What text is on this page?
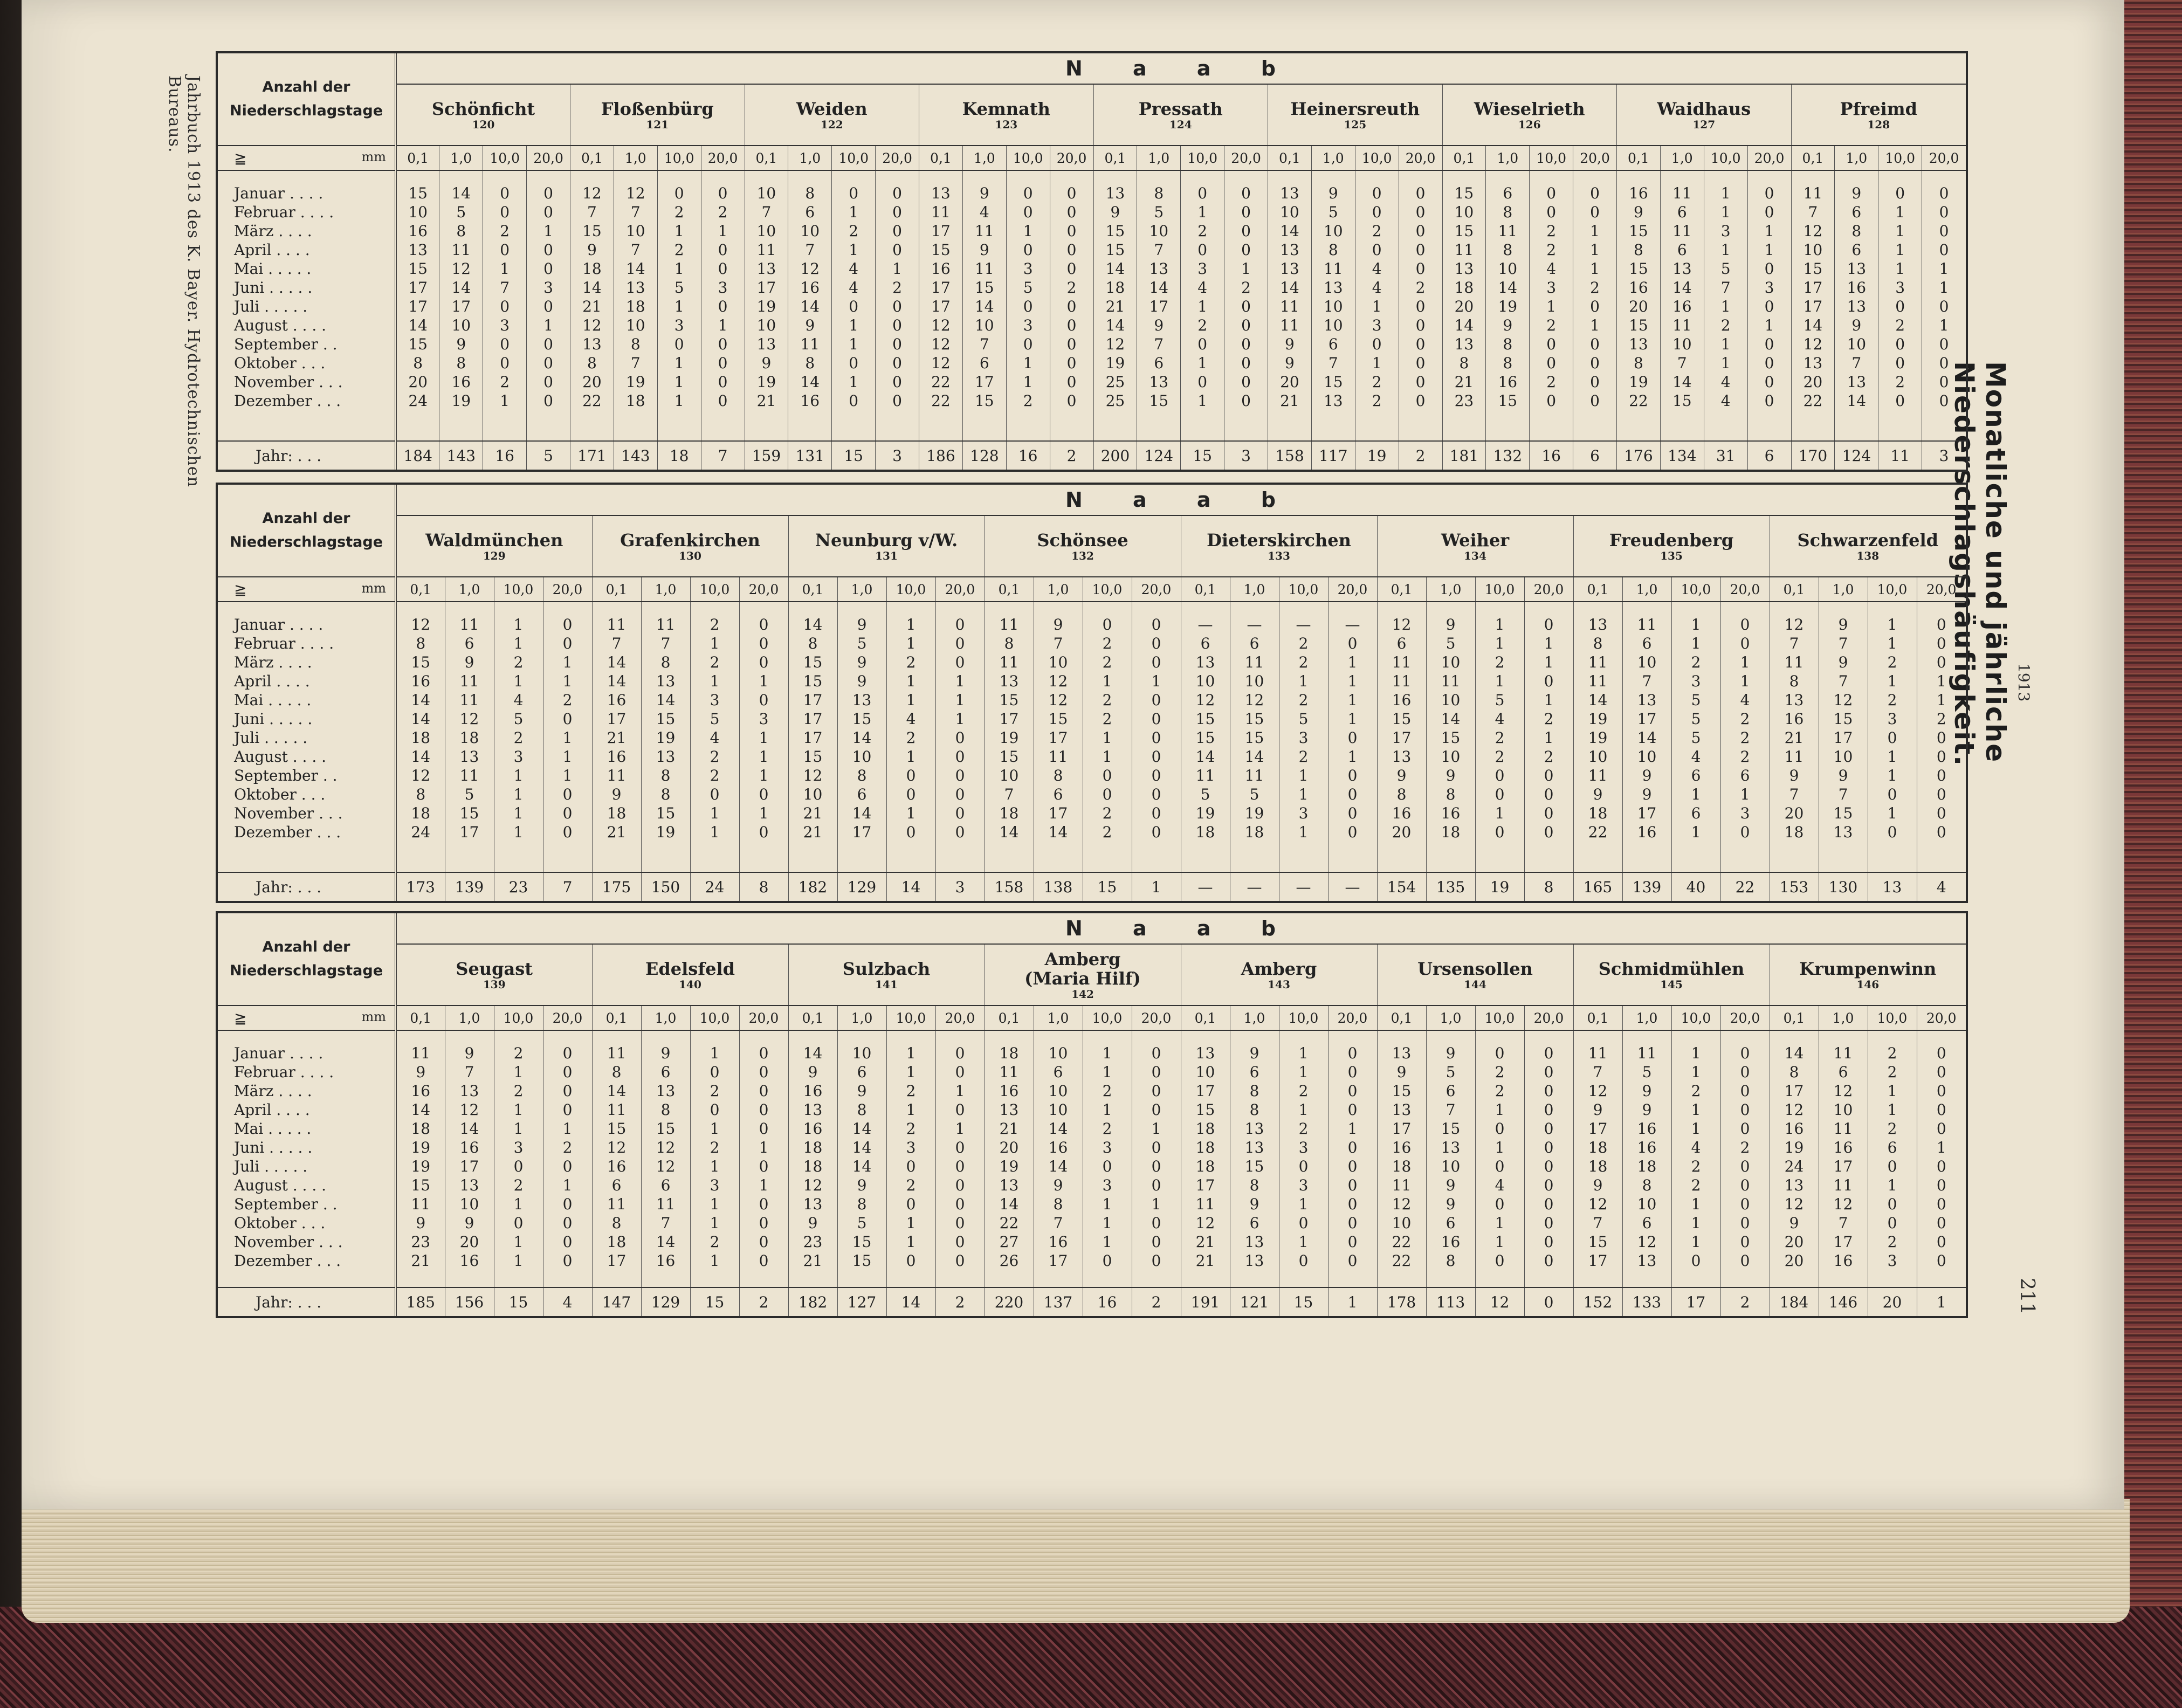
Jahrbuch 1913 des K. Bayer. Hydrotechnischen Bureaus.
Monatliche und jährliche Niederschlagshäufigkeit.	1913
211
Anzahl der Niederschlagstage	N a a b																																			
	Schönficht
120				Floßenbürg
121				Weiden
122				Kemnath
123				Pressath
124				Heinersreuth
125				Wieselrieth
126				Waidhaus
127				Pfreimd
128			

mm
≧	0,1	1,0	10,0	20,0	0,1	1,0	10,0	20,0	0,1	1,0	10,0	20,0	0,1	1,0	10,0	20,0	0,1	1,0	10,0	20,0	0,1	1,0	10,0	20,0	0,1	1,0	10,0	20,0	0,1	1,0	10,0	20,0	0,1	1,0	10,0	20,0

Januar . . . .	15	14	0	0	12	12	0	0	10	8	0	0	13	9	0	0	13	8	0	0	13	9	0	0	15	6	0	0	16	11	1	0	11	9	0	0
Februar . . . .	10	5	0	0	7	7	2	2	7	6	1	0	11	4	0	0	9	5	1	0	10	5	0	0	10	8	0	0	9	6	1	0	7	6	1	0
März . . . .	16	8	2	1	15	10	1	1	10	10	2	0	17	11	1	0	15	10	2	0	14	10	2	0	15	11	2	1	15	11	3	1	12	8	1	0
April . . . .	13	11	0	0	9	7	2	0	11	7	1	0	15	9	0	0	15	7	0	0	13	8	0	0	11	8	2	1	8	6	1	1	10	6	1	0
Mai . . . . .	15	12	1	0	18	14	1	0	13	12	4	1	16	11	3	0	14	13	3	1	13	11	4	0	13	10	4	1	15	13	5	0	15	13	1	1
Juni . . . . .	17	14	7	3	14	13	5	3	17	16	4	2	17	15	5	2	18	14	4	2	14	13	4	2	18	14	3	2	16	14	7	3	17	16	3	1
Juli . . . . .	17	17	0	0	21	18	1	0	19	14	0	0	17	14	0	0	21	17	1	0	11	10	1	0	20	19	1	0	20	16	1	0	17	13	0	0
August . . . .	14	10	3	1	12	10	3	1	10	9	1	0	12	10	3	0	14	9	2	0	11	10	3	0	14	9	2	1	15	11	2	1	14	9	2	1
September . .	15	9	0	0	13	8	0	0	13	11	1	0	12	7	0	0	12	7	0	0	9	6	0	0	13	8	0	0	13	10	1	0	12	10	0	0
Oktober . . .	8	8	0	0	8	7	1	0	9	8	0	0	12	6	1	0	19	6	1	0	9	7	1	0	8	8	0	0	8	7	1	0	13	7	0	0
November . . .	20	16	2	0	20	19	1	0	19	14	1	0	22	17	1	0	25	13	0	0	20	15	2	0	21	16	2	0	19	14	4	0	20	13	2	0
Dezember . . .	24	19	1	0	22	18	1	0	21	16	0	0	22	15	2	0	25	15	1	0	21	13	2	0	23	15	0	0	22	15	4	0	22	14	0	0

Jahr: . . .	184	143	16	5	171	143	18	7	159	131	15	3	186	128	16	2	200	124	15	3	158	117	19	2	181	132	16	6	176	134	31	6	170	124	11	3
Anzahl der Niederschlagstage	N a a b																															
	Waldmünchen
129				Grafenkirchen
130				Neunburg v/W.
131				Schönsee
132				Dieterskirchen
133				Weiher
134				Freudenberg
135				Schwarzenfeld
138			

mm
≧	0,1	1,0	10,0	20,0	0,1	1,0	10,0	20,0	0,1	1,0	10,0	20,0	0,1	1,0	10,0	20,0	0,1	1,0	10,0	20,0	0,1	1,0	10,0	20,0	0,1	1,0	10,0	20,0	0,1	1,0	10,0	20,0

Januar . . . .	12	11	1	0	11	11	2	0	14	9	1	0	11	9	0	0	—	—	—	—	12	9	1	0	13	11	1	0	12	9	1	0
Februar . . . .	8	6	1	0	7	7	1	0	8	5	1	0	8	7	2	0	6	6	2	0	6	5	1	1	8	6	1	0	7	7	1	0
März . . . .	15	9	2	1	14	8	2	0	15	9	2	0	11	10	2	0	13	11	2	1	11	10	2	1	11	10	2	1	11	9	2	0
April . . . .	16	11	1	1	14	13	1	1	15	9	1	1	13	12	1	1	10	10	1	1	11	11	1	0	11	7	3	1	8	7	1	1
Mai . . . . .	14	11	4	2	16	14	3	0	17	13	1	1	15	12	2	0	12	12	2	1	16	10	5	1	14	13	5	4	13	12	2	1
Juni . . . . .	14	12	5	0	17	15	5	3	17	15	4	1	17	15	2	0	15	15	5	1	15	14	4	2	19	17	5	2	16	15	3	2
Juli . . . . .	18	18	2	1	21	19	4	1	17	14	2	0	19	17	1	0	15	15	3	0	17	15	2	1	19	14	5	2	21	17	0	0
August . . . .	14	13	3	1	16	13	2	1	15	10	1	0	15	11	1	0	14	14	2	1	13	10	2	2	10	10	4	2	11	10	1	0
September . .	12	11	1	1	11	8	2	1	12	8	0	0	10	8	0	0	11	11	1	0	9	9	0	0	11	9	6	6	9	9	1	0
Oktober . . .	8	5	1	0	9	8	0	0	10	6	0	0	7	6	0	0	5	5	1	0	8	8	0	0	9	9	1	1	7	7	0	0
November . . .	18	15	1	0	18	15	1	1	21	14	1	0	18	17	2	0	19	19	3	0	16	16	1	0	18	17	6	3	20	15	1	0
Dezember . . .	24	17	1	0	21	19	1	0	21	17	0	0	14	14	2	0	18	18	1	0	20	18	0	0	22	16	1	0	18	13	0	0

Jahr: . . .	173	139	23	7	175	150	24	8	182	129	14	3	158	138	15	1	—	—	—	—	154	135	19	8	165	139	40	22	153	130	13	4
Anzahl der Niederschlagstage	N a a b																															
	Seugast
139				Edelsfeld
140				Sulzbach
141				Amberg
(Maria Hilf)
142				Amberg
143				Ursensollen
144				Schmidmühlen
145				Krumpenwinn
146			

mm
≧	0,1	1,0	10,0	20,0	0,1	1,0	10,0	20,0	0,1	1,0	10,0	20,0	0,1	1,0	10,0	20,0	0,1	1,0	10,0	20,0	0,1	1,0	10,0	20,0	0,1	1,0	10,0	20,0	0,1	1,0	10,0	20,0

Januar . . . .	11	9	2	0	11	9	1	0	14	10	1	0	18	10	1	0	13	9	1	0	13	9	0	0	11	11	1	0	14	11	2	0
Februar . . . .	9	7	1	0	8	6	0	0	9	6	1	0	11	6	1	0	10	6	1	0	9	5	2	0	7	5	1	0	8	6	2	0
März . . . .	16	13	2	0	14	13	2	0	16	9	2	1	16	10	2	0	17	8	2	0	15	6	2	0	12	9	2	0	17	12	1	0
April . . . .	14	12	1	0	11	8	0	0	13	8	1	0	13	10	1	0	15	8	1	0	13	7	1	0	9	9	1	0	12	10	1	0
Mai . . . . .	18	14	1	1	15	15	1	0	16	14	2	1	21	14	2	1	18	13	2	1	17	15	0	0	17	16	1	0	16	11	2	0
Juni . . . . .	19	16	3	2	12	12	2	1	18	14	3	0	20	16	3	0	18	13	3	0	16	13	1	0	18	16	4	2	19	16	6	1
Juli . . . . .	19	17	0	0	16	12	1	0	18	14	0	0	19	14	0	0	18	15	0	0	18	10	0	0	18	18	2	0	24	17	0	0
August . . . .	15	13	2	1	6	6	3	1	12	9	2	0	13	9	3	0	17	8	3	0	11	9	4	0	9	8	2	0	13	11	1	0
September . .	11	10	1	0	11	11	1	0	13	8	0	0	14	8	1	1	11	9	1	0	12	9	0	0	12	10	1	0	12	12	0	0
Oktober . . .	9	9	0	0	8	7	1	0	9	5	1	0	22	7	1	0	12	6	0	0	10	6	1	0	7	6	1	0	9	7	0	0
November . . .	23	20	1	0	18	14	2	0	23	15	1	0	27	16	1	0	21	13	1	0	22	16	1	0	15	12	1	0	20	17	2	0
Dezember . . .	21	16	1	0	17	16	1	0	21	15	0	0	26	17	0	0	21	13	0	0	22	8	0	0	17	13	0	0	20	16	3	0

Jahr: . . .	185	156	15	4	147	129	15	2	182	127	14	2	220	137	16	2	191	121	15	1	178	113	12	0	152	133	17	2	184	146	20	1
